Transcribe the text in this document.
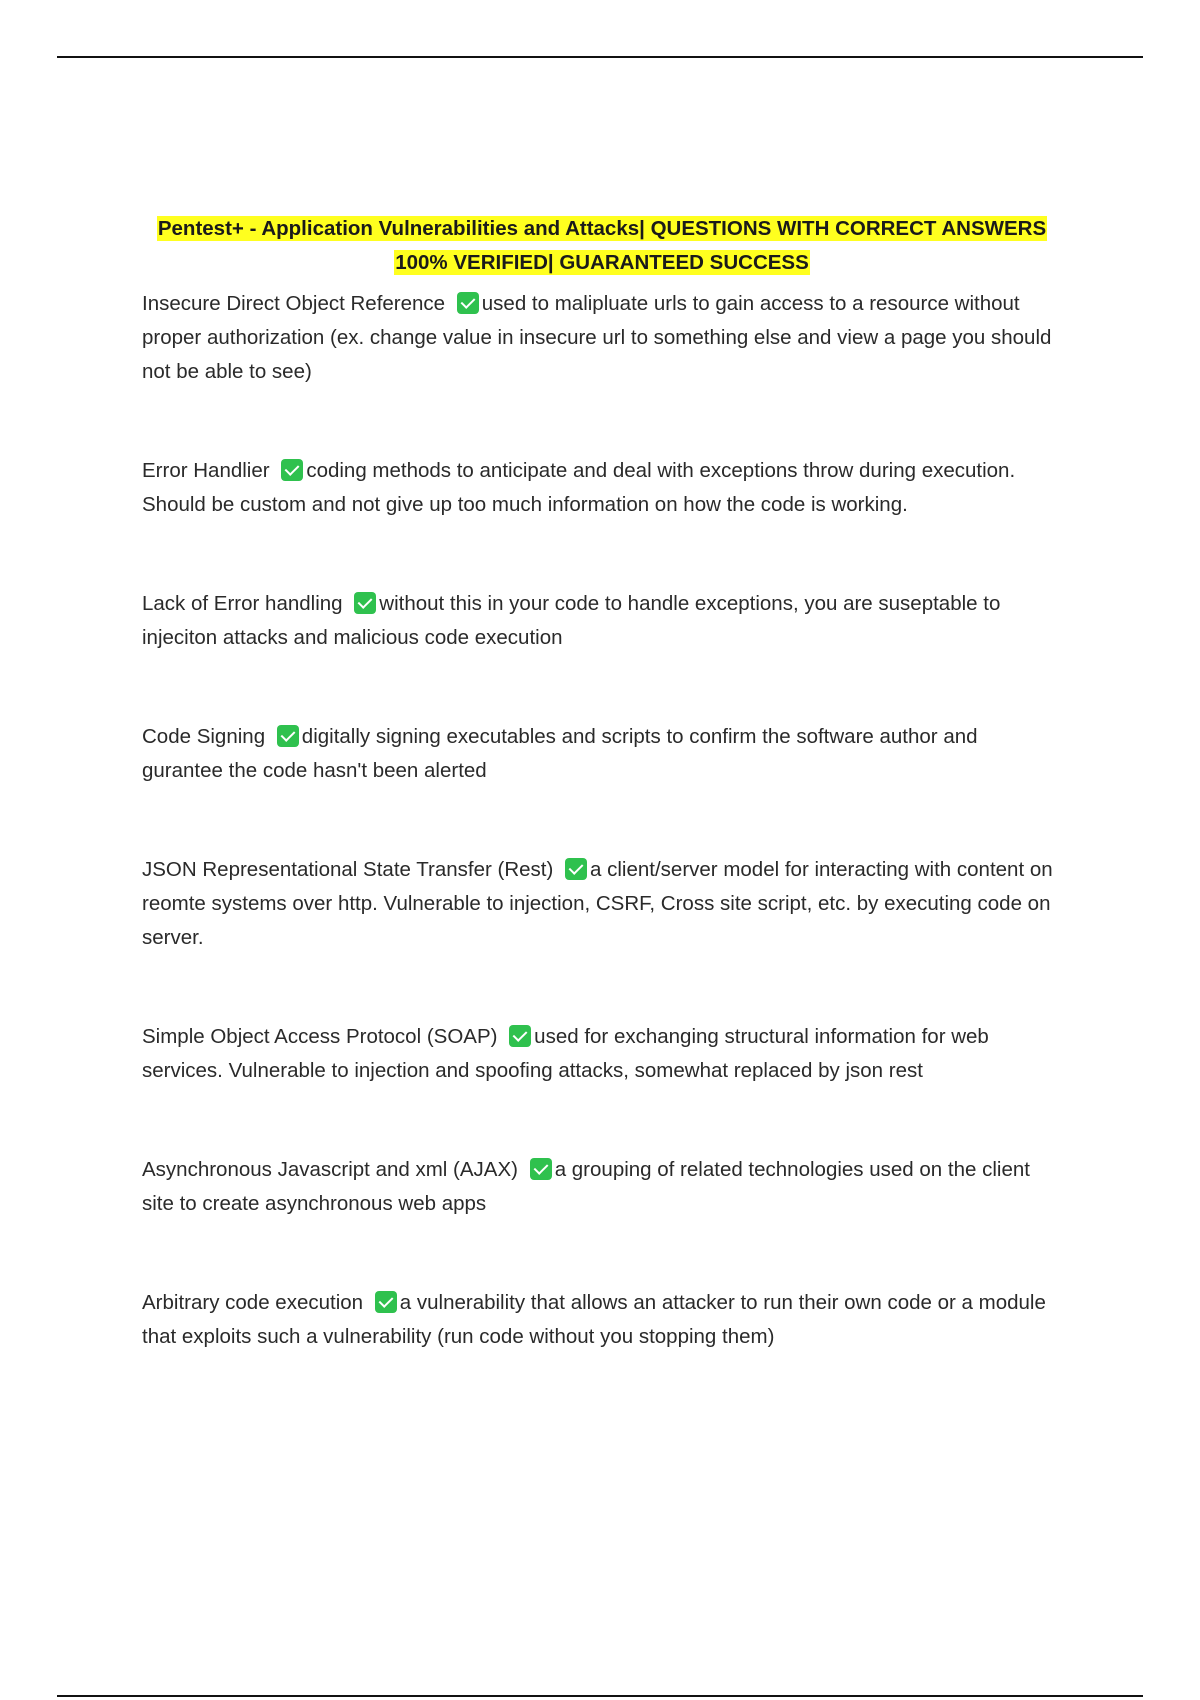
Pentest+ - Application Vulnerabilities and Attacks| QUESTIONS WITH CORRECT ANSWERS
100% VERIFIED| GUARANTEED SUCCESS
Insecure Direct Object Reference used to malipluate urls to gain access to a resource without proper authorization (ex. change value in insecure url to something else and view a page you should not be able to see)
Error Handlier coding methods to anticipate and deal with exceptions throw during execution. Should be custom and not give up too much information on how the code is working.
Lack of Error handling without this in your code to handle exceptions, you are suseptable to injeciton attacks and malicious code execution
Code Signing digitally signing executables and scripts to confirm the software author and gurantee the code hasn't been alerted
JSON Representational State Transfer (Rest) a client/server model for interacting with content on reomte systems over http. Vulnerable to injection, CSRF, Cross site script, etc. by executing code on server.
Simple Object Access Protocol (SOAP) used for exchanging structural information for web services. Vulnerable to injection and spoofing attacks, somewhat replaced by json rest
Asynchronous Javascript and xml (AJAX) a grouping of related technologies used on the client site to create asynchronous web apps
Arbitrary code execution a vulnerability that allows an attacker to run their own code or a module that exploits such a vulnerability (run code without you stopping them)
